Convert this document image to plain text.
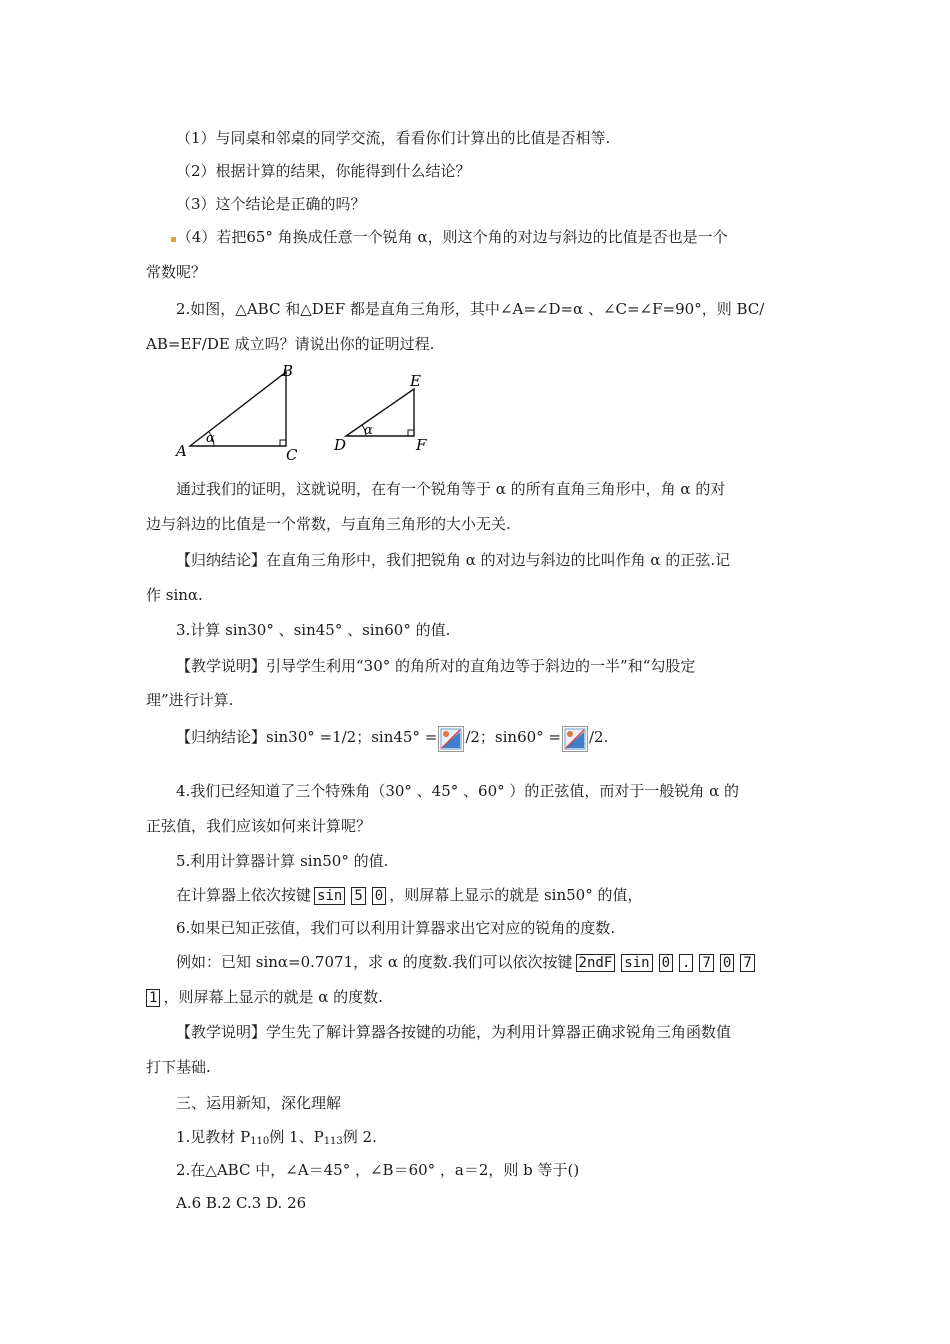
（1）与同桌和邻桌的同学交流，看看你们计算出的比值是否相等.
（2）根据计算的结果，你能得到什么结论？
（3）这个结论是正确的吗？
▪（4）若把65° 角换成任意一个锐角 α，则这个角的对边与斜边的比值是否也是一个
常数呢？
2.如图，△ABC 和△DEF 都是直角三角形，其中∠A=∠D=α 、∠C=∠F=90°，则 BC/
AB=EF/DE 成立吗？请说出你的证明过程.
α
A
B
C
α
D
E
F
通过我们的证明，这就说明，在有一个锐角等于 α 的所有直角三角形中，角 α 的对
边与斜边的比值是一个常数，与直角三角形的大小无关.
【归纳结论】在直角三角形中，我们把锐角 α 的对边与斜边的比叫作角 α 的正弦.记
作 sinα.
3.计算 sin30° 、sin45° 、sin60° 的值.
【教学说明】引导学生利用“30° 的角所对的直角边等于斜边的一半”和“勾股定
理”进行计算.
【归纳结论】sin30° =1/2；sin45° = /2；sin60° = /2.
4.我们已经知道了三个特殊角（30° 、45° 、60° ）的正弦值，而对于一般锐角 α 的
正弦值，我们应该如何来计算呢？
5.利用计算器计算 sin50° 的值.
在计算器上依次按键 sin 5 0 ，则屏幕上显示的就是 sin50° 的值，
6.如果已知正弦值，我们可以利用计算器求出它对应的锐角的度数.
例如：已知 sinα=0.7071，求 α 的度数.我们可以依次按键 2ndF sin 0 . 7 0 7
1 ，则屏幕上显示的就是 α 的度数.
【教学说明】学生先了解计算器各按键的功能，为利用计算器正确求锐角三角函数值
打下基础.
三、运用新知，深化理解
1.见教材 $P_{110}$例 1、$P_{113}$例 2.
2.在△ABC 中，∠A＝45° ，∠B＝60° ，a＝2，则 b 等于()
A.6 B.2 C.3 D. 26
